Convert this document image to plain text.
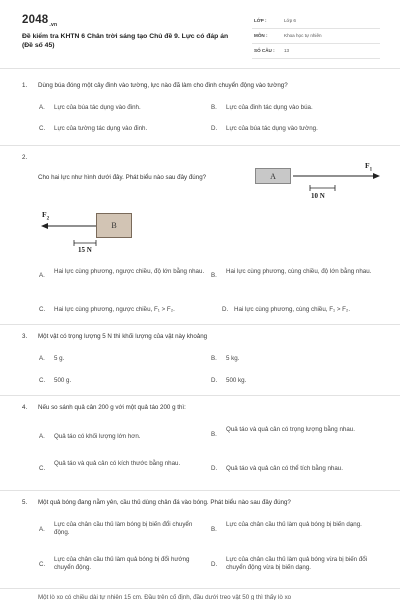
$2048_{.vn}$
Đề kiểm tra KHTN 6 Chân trời sáng tạo Chủ đề 9. Lực có đáp án (Đề số 45)
LỚP :	Lớp 6
MÔN :	Khoa học tự nhiên
SỐ CÂU : 13
1. Dùng búa đóng một cây đinh vào tường, lực nào đã làm cho đinh chuyển động vào tường?
A. Lực của búa tác dụng vào đinh.	B. Lực của đinh tác dụng vào búa.
C. Lực của tường tác dụng vào đinh.	D. Lực của búa tác dụng vào tường.
2.
Cho hai lực như hình dưới đây. Phát biểu nào sau đây đúng?	A
$F_1$
10 N
B
$F_2$
15 N
A.
Hai lực cùng phương, ngược chiều, độ lớn bằng nhau.
B.
Hai lực cùng phương, cùng chiều, độ lớn bằng nhau.
C. Hai lực cùng phương, ngược chiều, F₁ > F₂.	D. Hai lực cùng phương, cùng chiều, F₁ > F₂.
3. Một vật có trọng lượng 5 N thì khối lượng của vật này khoảng
A. 5 g.	B. 5 kg.
C. 500 g.	D. 500 kg.
4. Nếu so sánh quả cân 200 g với một quả táo 200 g thì:
A. Quả táo có khối lượng lớn hơn.	B.
Quả táo và quả cân có trọng lượng bằng nhau.
C.
Quả táo và quả cân có kích thước bằng nhau.
D. Quả táo và quả cân có thể tích bằng nhau.
5. Một quả bóng đang nằm yên, cầu thủ dùng chân đá vào bóng. Phát biểu nào sau đây đúng?
A.
Lực của chân cầu thủ làm bóng bị biến đổi chuyển động.	B.
Lực của chân cầu thủ làm quả bóng bị biến dạng.
C.
Lực của chân cầu thủ làm quả bóng bị đổi hướng chuyển động.	D.
Lực của chân cầu thủ làm quả bóng vừa bị biến đổi chuyển động vừa bị biến dạng.
Một lò xo có chiều dài tự nhiên 15 cm. Đầu trên cố định, đầu dưới treo vật 50 g thì thấy lò xo
